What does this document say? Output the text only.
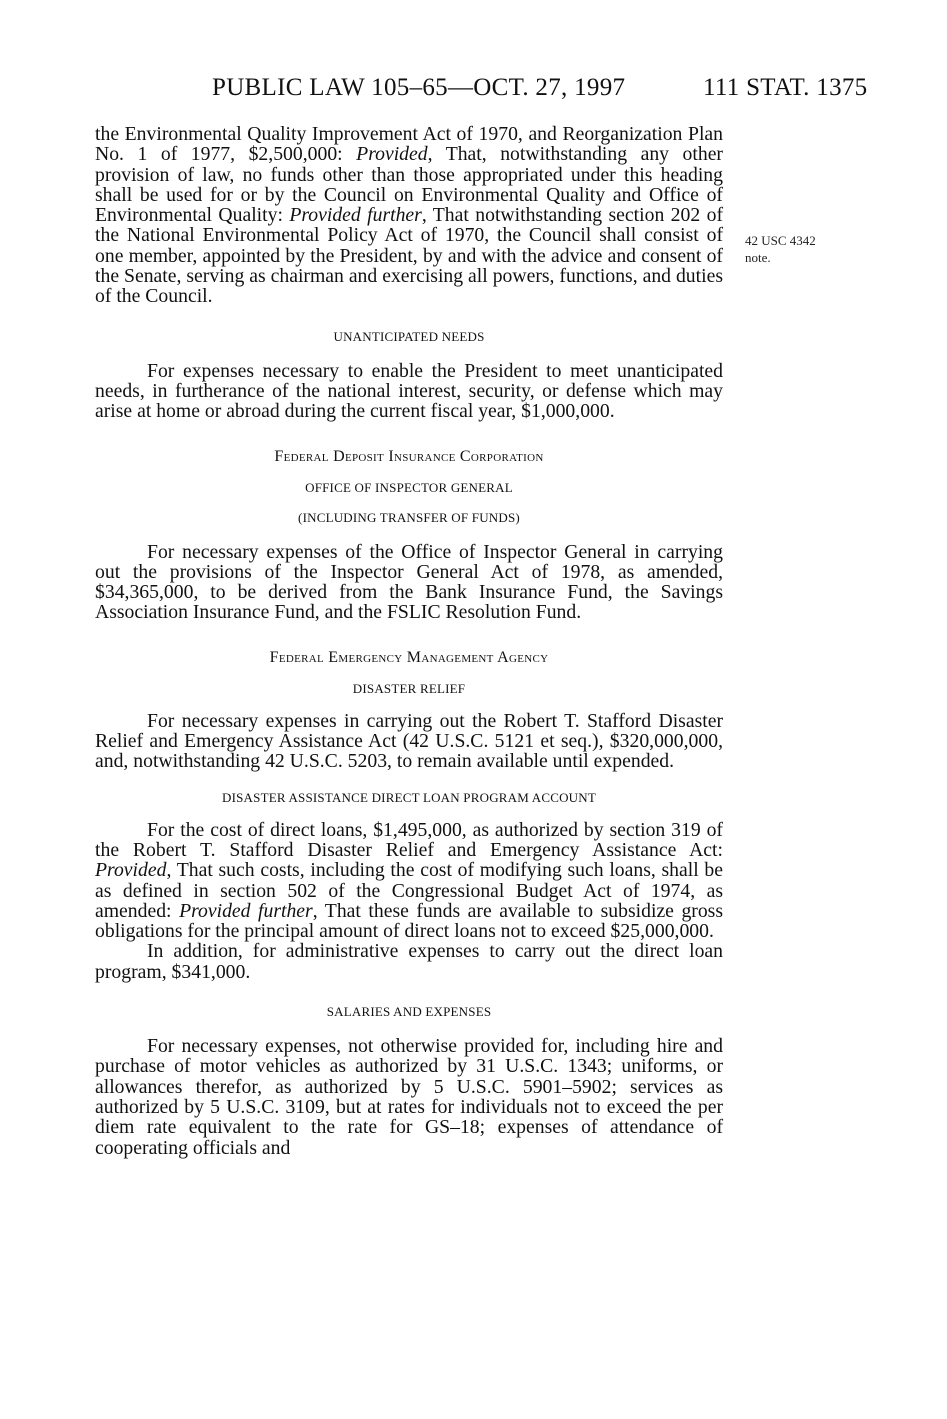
PUBLIC LAW 105–65—OCT. 27, 1997	111 STAT. 1375
42 USC 4342
note.

the Environmental Quality Improvement Act of 1970, and Reorganization Plan No. 1 of 1977, $2,500,000: Provided, That, notwithstanding any other provision of law, no funds other than those appropriated under this heading shall be used for or by the Council on Environmental Quality and Office of Environmental Quality: Provided further, That notwithstanding section 202 of the National Environmental Policy Act of 1970, the Council shall consist of one member, appointed by the President, by and with the advice and consent of the Senate, serving as chairman and exercising all powers, functions, and duties of the Council.

UNANTICIPATED NEEDS

For expenses necessary to enable the President to meet unanticipated needs, in furtherance of the national interest, security, or defense which may arise at home or abroad during the current fiscal year, $1,000,000.

Federal Deposit Insurance Corporation
OFFICE OF INSPECTOR GENERAL
(INCLUDING TRANSFER OF FUNDS)

For necessary expenses of the Office of Inspector General in carrying out the provisions of the Inspector General Act of 1978, as amended, $34,365,000, to be derived from the Bank Insurance Fund, the Savings Association Insurance Fund, and the FSLIC Resolution Fund.

Federal Emergency Management Agency
DISASTER RELIEF

For necessary expenses in carrying out the Robert T. Stafford Disaster Relief and Emergency Assistance Act (42 U.S.C. 5121 et seq.), $320,000,000, and, notwithstanding 42 U.S.C. 5203, to remain available until expended.

DISASTER ASSISTANCE DIRECT LOAN PROGRAM ACCOUNT

For the cost of direct loans, $1,495,000, as authorized by section 319 of the Robert T. Stafford Disaster Relief and Emergency Assistance Act: Provided, That such costs, including the cost of modifying such loans, shall be as defined in section 502 of the Congressional Budget Act of 1974, as amended: Provided further, That these funds are available to subsidize gross obligations for the principal amount of direct loans not to exceed $25,000,000.

In addition, for administrative expenses to carry out the direct loan program, $341,000.

SALARIES AND EXPENSES

For necessary expenses, not otherwise provided for, including hire and purchase of motor vehicles as authorized by 31 U.S.C. 1343; uniforms, or allowances therefor, as authorized by 5 U.S.C. 5901–5902; services as authorized by 5 U.S.C. 3109, but at rates for individuals not to exceed the per diem rate equivalent to the rate for GS–18; expenses of attendance of cooperating officials and
